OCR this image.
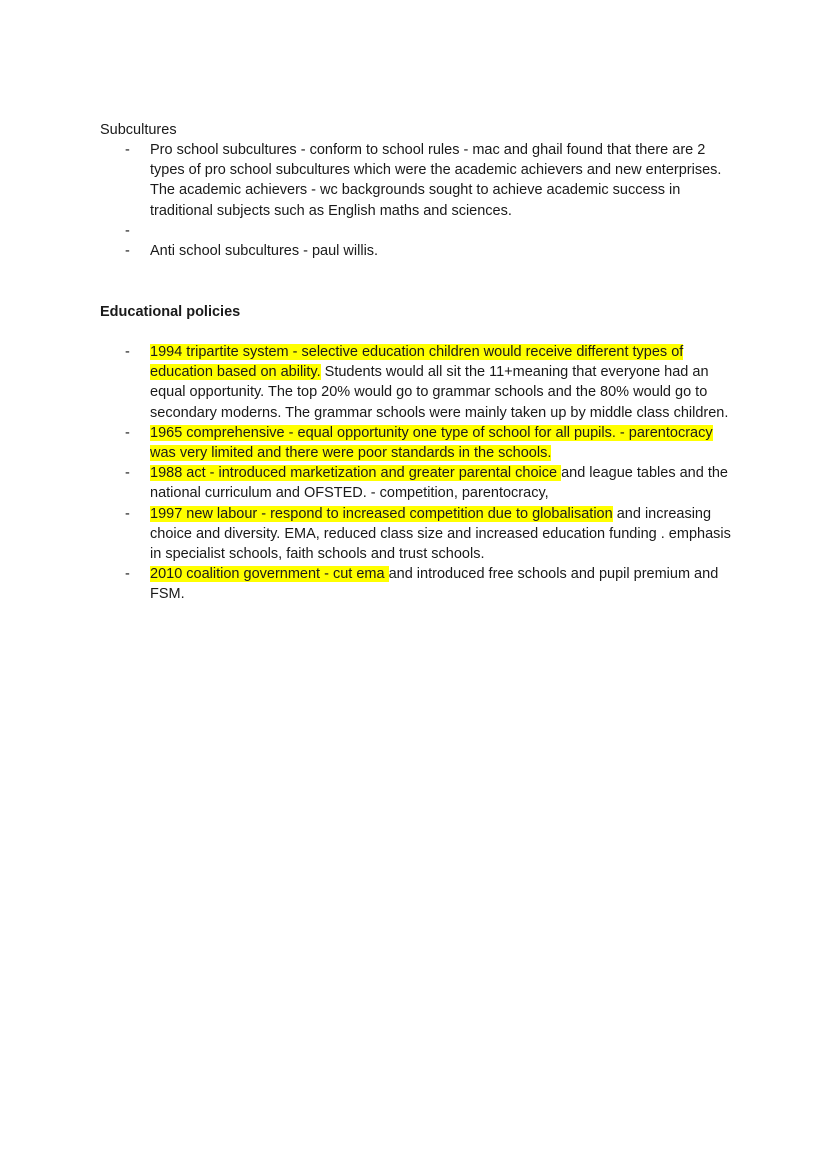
Subcultures

-	Pro school subcultures - conform to school rules - mac and ghail found that there are 2 types of pro school subcultures which were the academic achievers and new enterprises. The academic achievers - wc backgrounds sought to achieve academic success in traditional subjects such as English maths and sciences.
-
-	Anti school subcultures - paul willis.

Educational policies

-	1994 tripartite system - selective education children would receive different types of education based on ability. Students would all sit the 11+meaning that everyone had an equal opportunity. The top 20% would go to grammar schools and the 80% would go to secondary moderns. The grammar schools were mainly taken up by middle class children.
-	1965 comprehensive - equal opportunity one type of school for all pupils. - parentocracy was very limited and there were poor standards in the schools.
-	1988 act - introduced marketization and greater parental choice and league tables and the national curriculum and OFSTED. - competition, parentocracy,
-	1997 new labour - respond to increased competition due to globalisation and increasing choice and diversity. EMA, reduced class size and increased education funding . emphasis in specialist schools, faith schools and trust schools.
-	2010 coalition government - cut ema and introduced free schools and pupil premium and FSM.
